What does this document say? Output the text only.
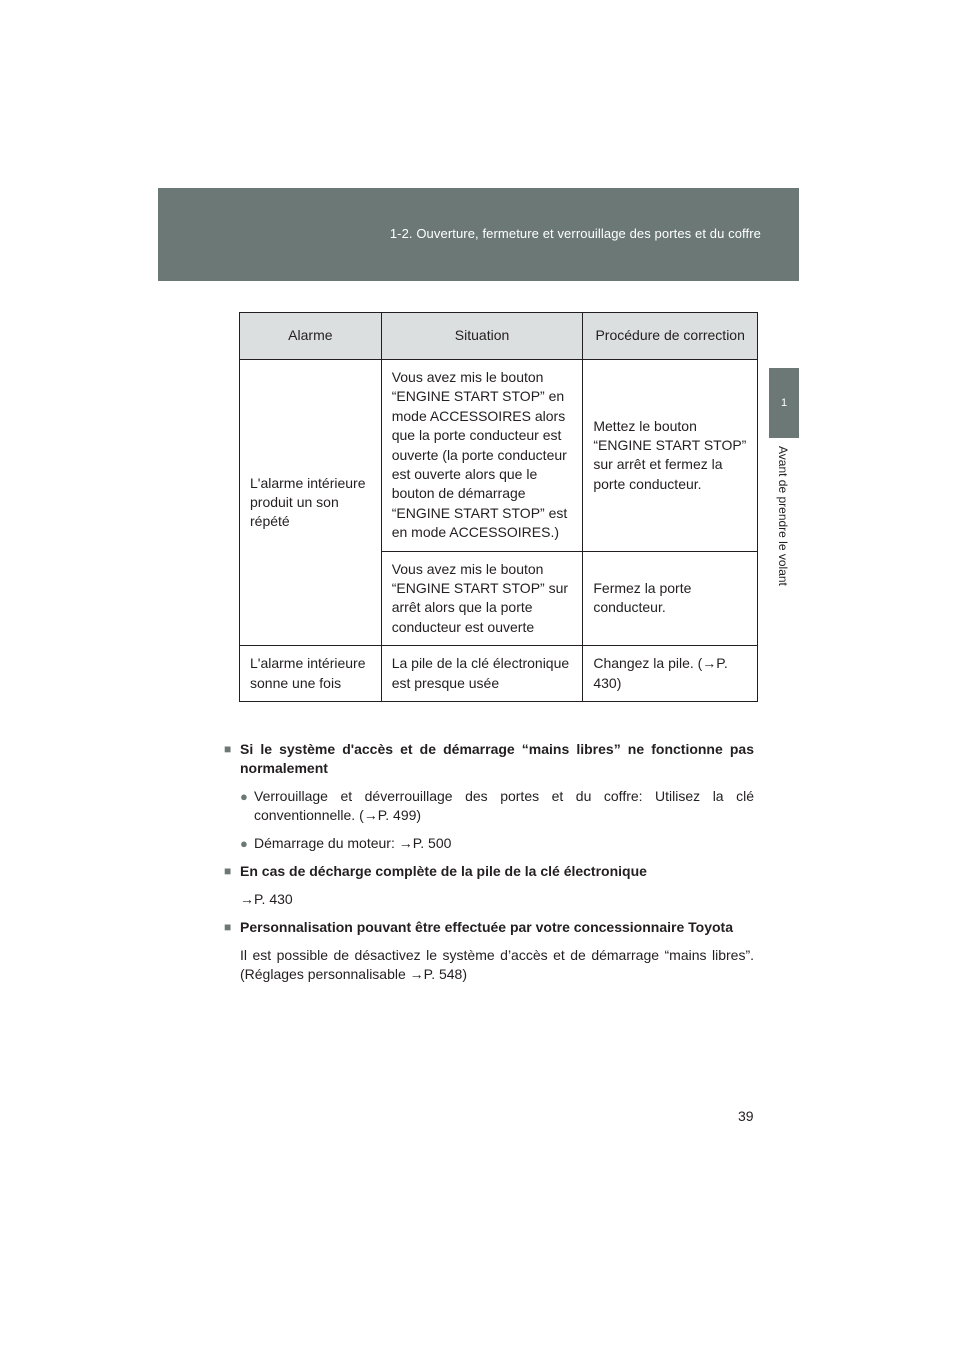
1-2. Ouverture, fermeture et verrouillage des portes et du coffre
1
Avant de prendre le volant
Alarme	Situation	Procédure de correction
L'alarme intérieure produit un son répété	Vous avez mis le bouton “ENGINE START STOP” en mode ACCESSOIRES alors que la porte conducteur est ouverte (la porte conducteur est ouverte alors que le bouton de démarrage “ENGINE START STOP” est en mode ACCESSOIRES.)	Mettez le bouton “ENGINE START STOP” sur arrêt et fermez la porte conducteur.
	Vous avez mis le bouton “ENGINE START STOP” sur arrêt alors que la porte conducteur est ouverte	Fermez la porte conducteur.
L'alarme intérieure sonne une fois	La pile de la clé électronique est presque usée	Changez la pile. (→P. 430)
■ Si le système d'accès et de démarrage “mains libres” ne fonctionne pas normalement
● Verrouillage et déverrouillage des portes et du coffre: Utilisez la clé conventionnelle. (→P. 499)
● Démarrage du moteur: →P. 500
■ En cas de décharge complète de la pile de la clé électronique
→P. 430
■ Personnalisation pouvant être effectuée par votre concessionnaire Toyota
Il est possible de désactivez le système d’accès et de démarrage “mains libres”. (Réglages personnalisable →P. 548)
39
